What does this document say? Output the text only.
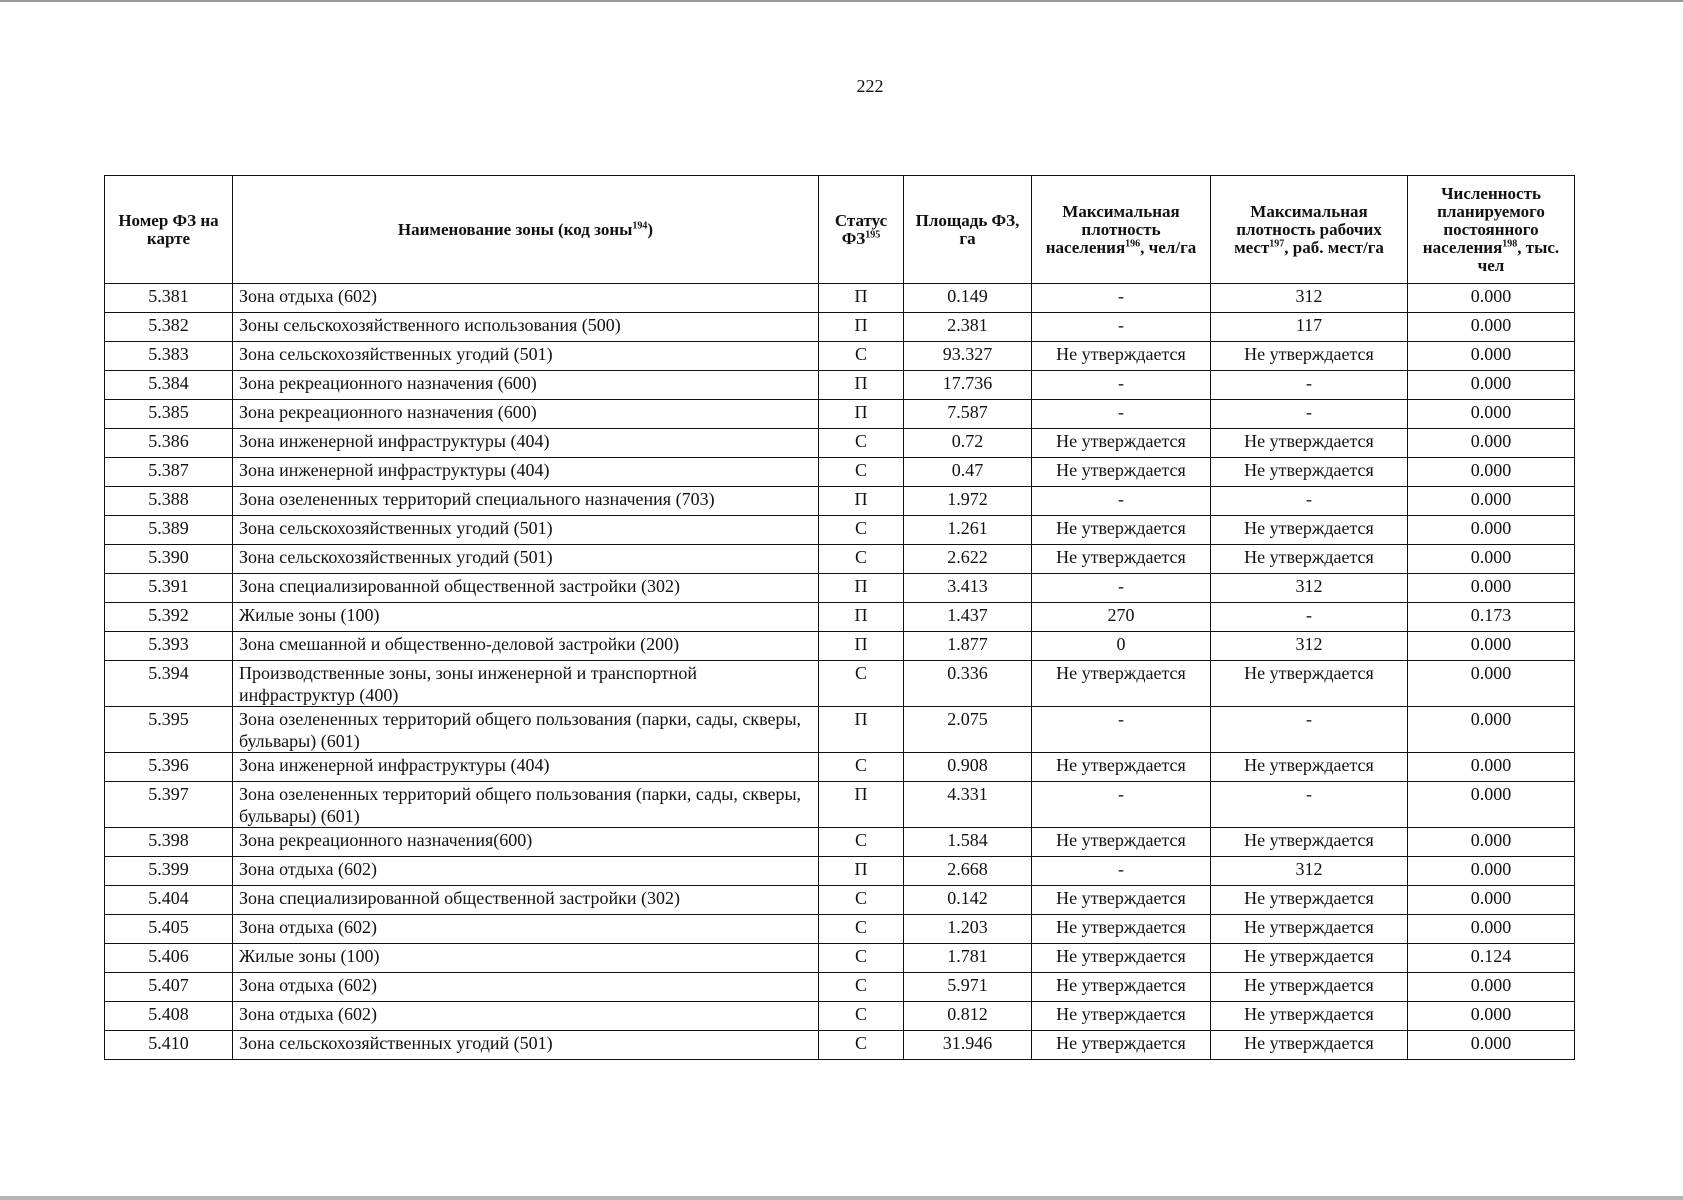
222
Номер ФЗ на карте	Наименование зоны (код зоны$^{194}$)	Статус ФЗ$^{195}$	Площадь ФЗ, га	Максимальная плотность населения$^{196}$, чел/га	Максимальная плотность рабочих мест$^{197}$, раб. мест/га	Численность планируемого постоянного населения$^{198}$, тыс. чел
5.381	Зона отдыха (602)	П	0.149	-	312	0.000
5.382	Зоны сельскохозяйственного использования (500)	П	2.381	-	117	0.000
5.383	Зона сельскохозяйственных угодий (501)	С	93.327	Не утверждается	Не утверждается	0.000
5.384	Зона рекреационного назначения (600)	П	17.736	-	-	0.000
5.385	Зона рекреационного назначения (600)	П	7.587	-	-	0.000
5.386	Зона инженерной инфраструктуры (404)	С	0.72	Не утверждается	Не утверждается	0.000
5.387	Зона инженерной инфраструктуры (404)	С	0.47	Не утверждается	Не утверждается	0.000
5.388	Зона озелененных территорий специального назначения (703)	П	1.972	-	-	0.000
5.389	Зона сельскохозяйственных угодий (501)	С	1.261	Не утверждается	Не утверждается	0.000
5.390	Зона сельскохозяйственных угодий (501)	С	2.622	Не утверждается	Не утверждается	0.000
5.391	Зона специализированной общественной застройки (302)	П	3.413	-	312	0.000
5.392	Жилые зоны (100)	П	1.437	270	-	0.173
5.393	Зона смешанной и общественно-деловой застройки (200)	П	1.877	0	312	0.000
5.394	Производственные зоны, зоны инженерной и транспортной инфраструктур (400)	С	0.336	Не утверждается	Не утверждается	0.000
5.395	Зона озелененных территорий общего пользования (парки, сады, скверы, бульвары) (601)	П	2.075	-	-	0.000
5.396	Зона инженерной инфраструктуры (404)	С	0.908	Не утверждается	Не утверждается	0.000
5.397	Зона озелененных территорий общего пользования (парки, сады, скверы, бульвары) (601)	П	4.331	-	-	0.000
5.398	Зона рекреационного назначения(600)	С	1.584	Не утверждается	Не утверждается	0.000
5.399	Зона отдыха (602)	П	2.668	-	312	0.000
5.404	Зона специализированной общественной застройки (302)	С	0.142	Не утверждается	Не утверждается	0.000
5.405	Зона отдыха (602)	С	1.203	Не утверждается	Не утверждается	0.000
5.406	Жилые зоны (100)	С	1.781	Не утверждается	Не утверждается	0.124
5.407	Зона отдыха (602)	С	5.971	Не утверждается	Не утверждается	0.000
5.408	Зона отдыха (602)	С	0.812	Не утверждается	Не утверждается	0.000
5.410	Зона сельскохозяйственных угодий (501)	С	31.946	Не утверждается	Не утверждается	0.000
